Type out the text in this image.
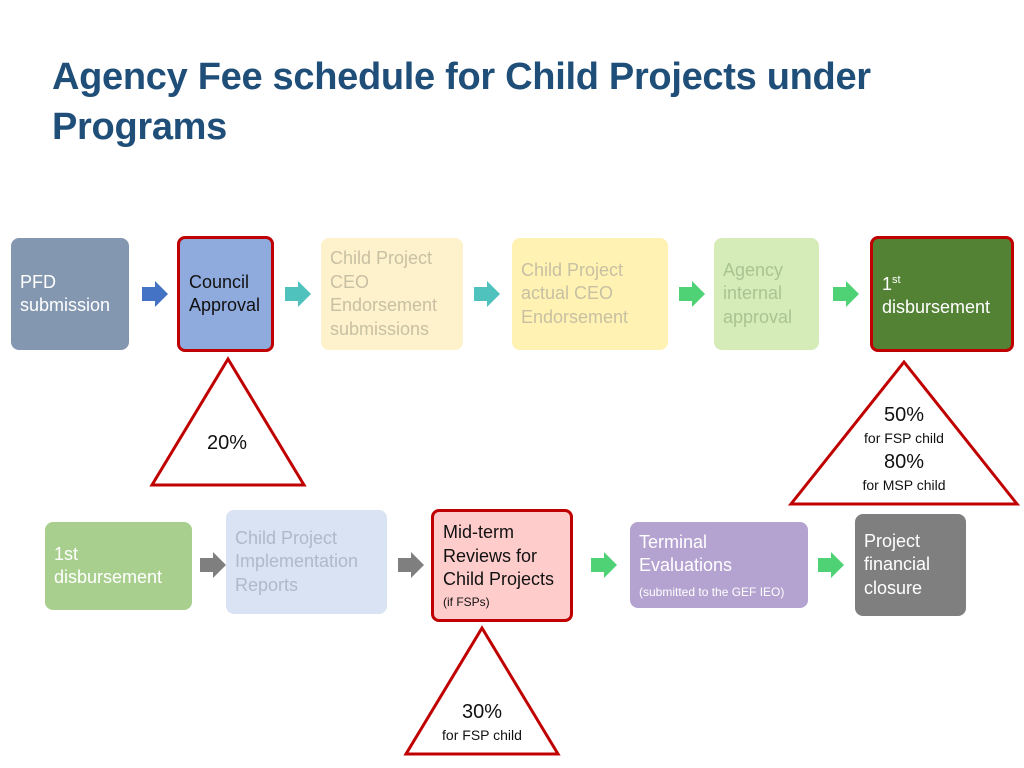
Agency Fee schedule for Child Projects under Programs
PFD
submission
Council
Approval
Child Project
CEO
Endorsement
submissions
Child Project
actual CEO
Endorsement
Agency
internal
approval
1st
disbursement
20%
50%
for FSP child
80%
for MSP child
1st
disbursement
Child Project
Implementation
Reports
Mid-term
Reviews for
Child Projects
(if FSPs)
Terminal
Evaluations
(submitted to the GEF IEO)
Project
financial
closure
30%
for FSP child
